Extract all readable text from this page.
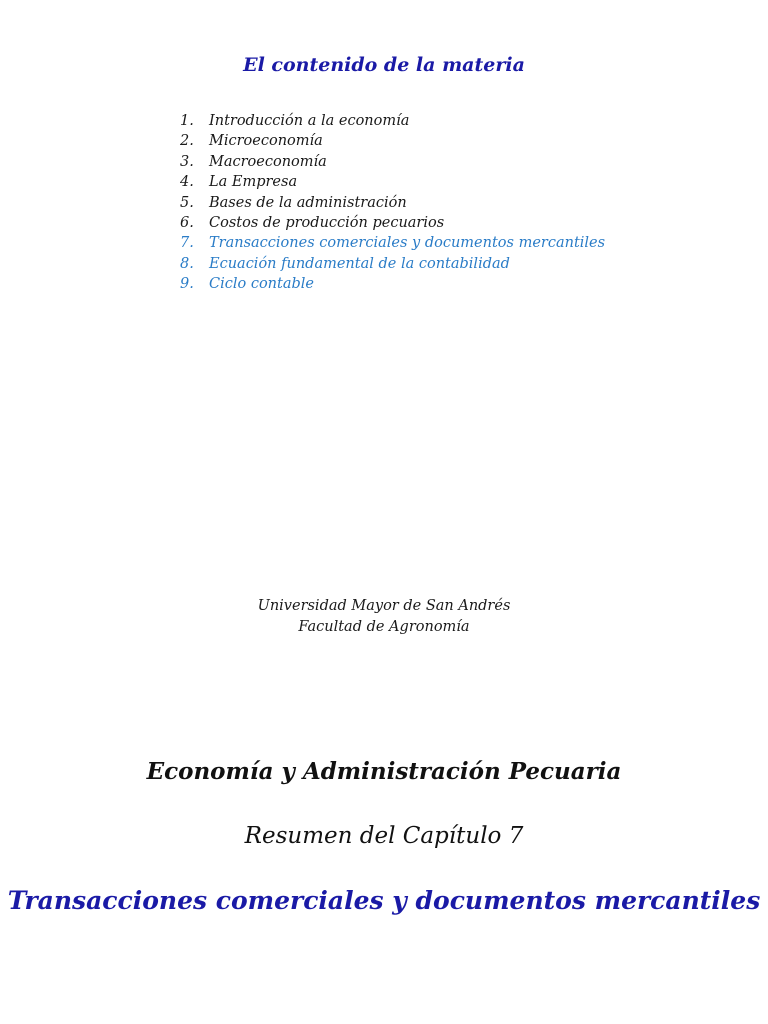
El contenido de la materia
1.	Introducción a la economía
2.	Microeconomía
3.	Macroeconomía
4.	La Empresa
5.	Bases de la administración
6.	Costos de producción pecuarios
7.	Transacciones comerciales y documentos mercantiles
8.	Ecuación fundamental de la contabilidad
9.	Ciclo contable
Universidad Mayor de San Andrés
Facultad de Agronomía
Economía y Administración Pecuaria
Resumen del Capítulo 7
Transacciones comerciales y documentos mercantiles
